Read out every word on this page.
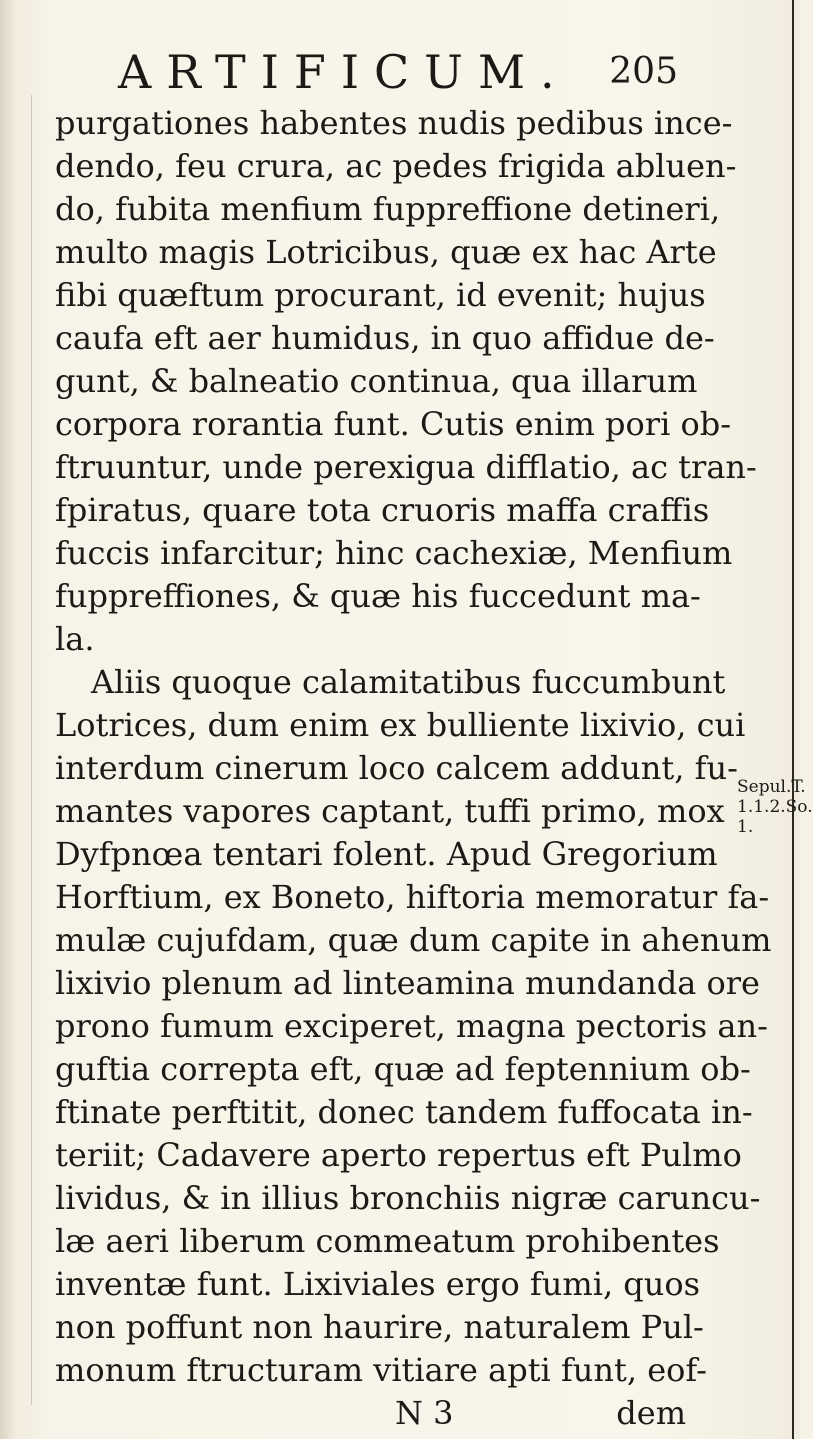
ARTIFICUM. 205
purgationes habentes nudis pedibus ince-
dendo, feu crura, ac pedes frigida abluen-
do, fubita menfium fuppreffione detineri,
multo magis Lotricibus, quæ ex hac Arte
fibi quæftum procurant, id evenit; hujus
caufa eft aer humidus, in quo affidue de-
gunt, & balneatio continua, qua illarum
corpora rorantia funt. Cutis enim pori ob-
ftruuntur, unde perexigua difflatio, ac tran-
fpiratus, quare tota cruoris maffa craffis
fuccis infarcitur; hinc cachexiæ, Menfium
fuppreffiones, & quæ his fuccedunt ma-
la.
Aliis quoque calamitatibus fuccumbunt
Lotrices, dum enim ex bulliente lixivio, cui
interdum cinerum loco calcem addunt, fu-
mantes vapores captant, tuffi primo, mox
Dyfpnœa tentari folent. Apud Gregorium
Horftium, ex Boneto, hiftoria memoratur fa-
mulæ cujufdam, quæ dum capite in ahenum
lixivio plenum ad linteamina mundanda ore
prono fumum exciperet, magna pectoris an-
guftia correpta eft, quæ ad feptennium ob-
ftinate perftitit, donec tandem fuffocata in-
teriit; Cadavere aperto repertus eft Pulmo
lividus, & in illius bronchiis nigræ caruncu-
læ aeri liberum commeatum prohibentes
inventæ funt. Lixiviales ergo fumi, quos
non poffunt non haurire, naturalem Pul-
monum ftructuram vitiare apti funt, eof-
N 3                dem
Sepul.T.
1.1.2.So.
1.
